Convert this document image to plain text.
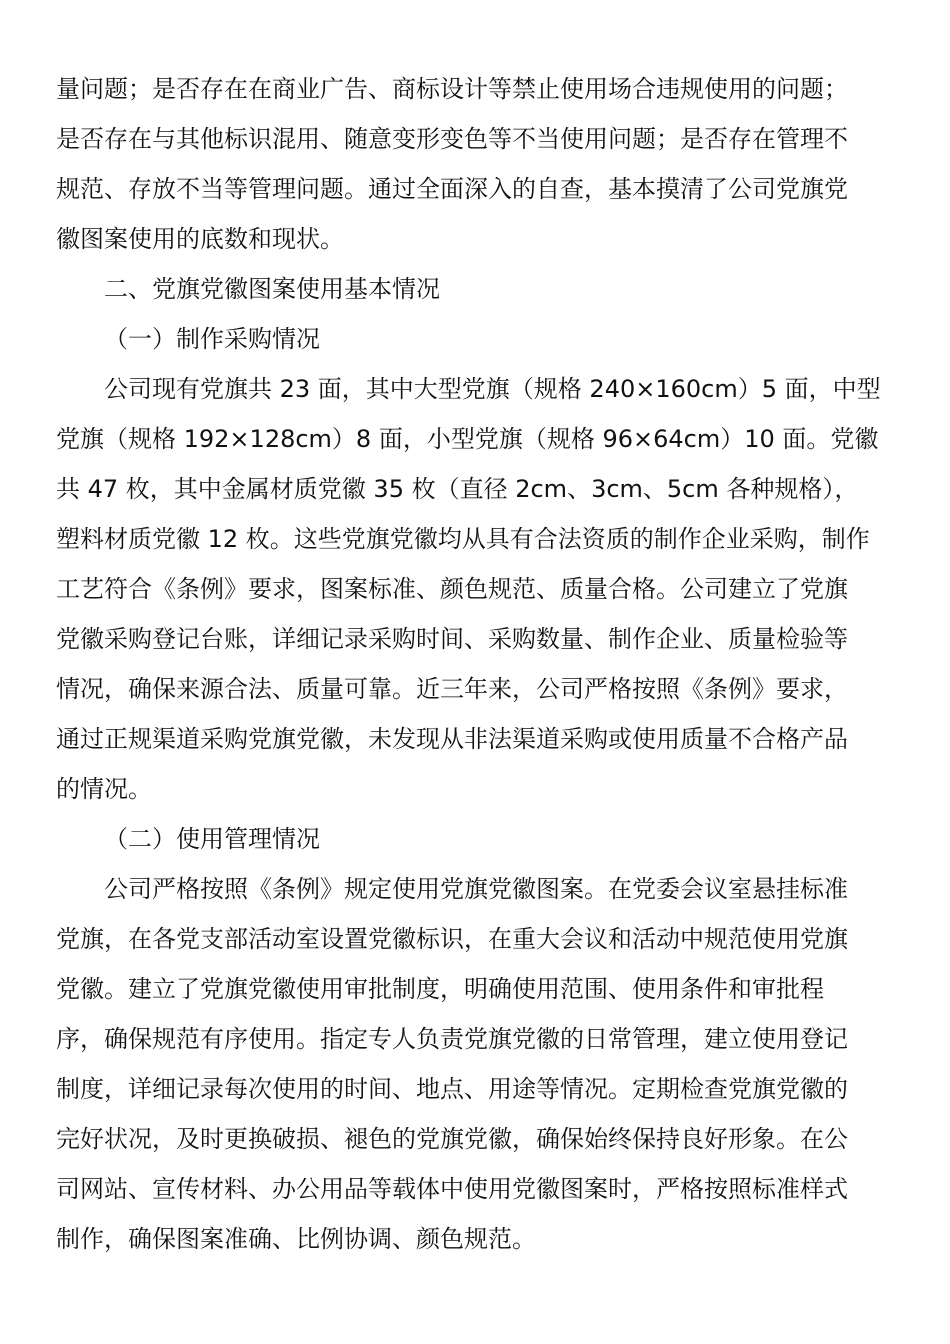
量问题；是否存在在商业广告、商标设计等禁止使用场合违规使用的问题；
是否存在与其他标识混用、随意变形变色等不当使用问题；是否存在管理不
规范、存放不当等管理问题。通过全面深入的自查，基本摸清了公司党旗党
徽图案使用的底数和现状。

二、党旗党徽图案使用基本情况

（一）制作采购情况

公司现有党旗共 23 面，其中大型党旗（规格 240×160cm）5 面，中型
党旗（规格 192×128cm）8 面，小型党旗（规格 96×64cm）10 面。党徽
共 47 枚，其中金属材质党徽 35 枚（直径 2cm、3cm、5cm 各种规格），
塑料材质党徽 12 枚。这些党旗党徽均从具有合法资质的制作企业采购，制作
工艺符合《条例》要求，图案标准、颜色规范、质量合格。公司建立了党旗
党徽采购登记台账，详细记录采购时间、采购数量、制作企业、质量检验等
情况，确保来源合法、质量可靠。近三年来，公司严格按照《条例》要求，
通过正规渠道采购党旗党徽，未发现从非法渠道采购或使用质量不合格产品
的情况。

（二）使用管理情况

公司严格按照《条例》规定使用党旗党徽图案。在党委会议室悬挂标准
党旗，在各党支部活动室设置党徽标识，在重大会议和活动中规范使用党旗
党徽。建立了党旗党徽使用审批制度，明确使用范围、使用条件和审批程
序，确保规范有序使用。指定专人负责党旗党徽的日常管理，建立使用登记
制度，详细记录每次使用的时间、地点、用途等情况。定期检查党旗党徽的
完好状况，及时更换破损、褪色的党旗党徽，确保始终保持良好形象。在公
司网站、宣传材料、办公用品等载体中使用党徽图案时，严格按照标准样式
制作，确保图案准确、比例协调、颜色规范。
